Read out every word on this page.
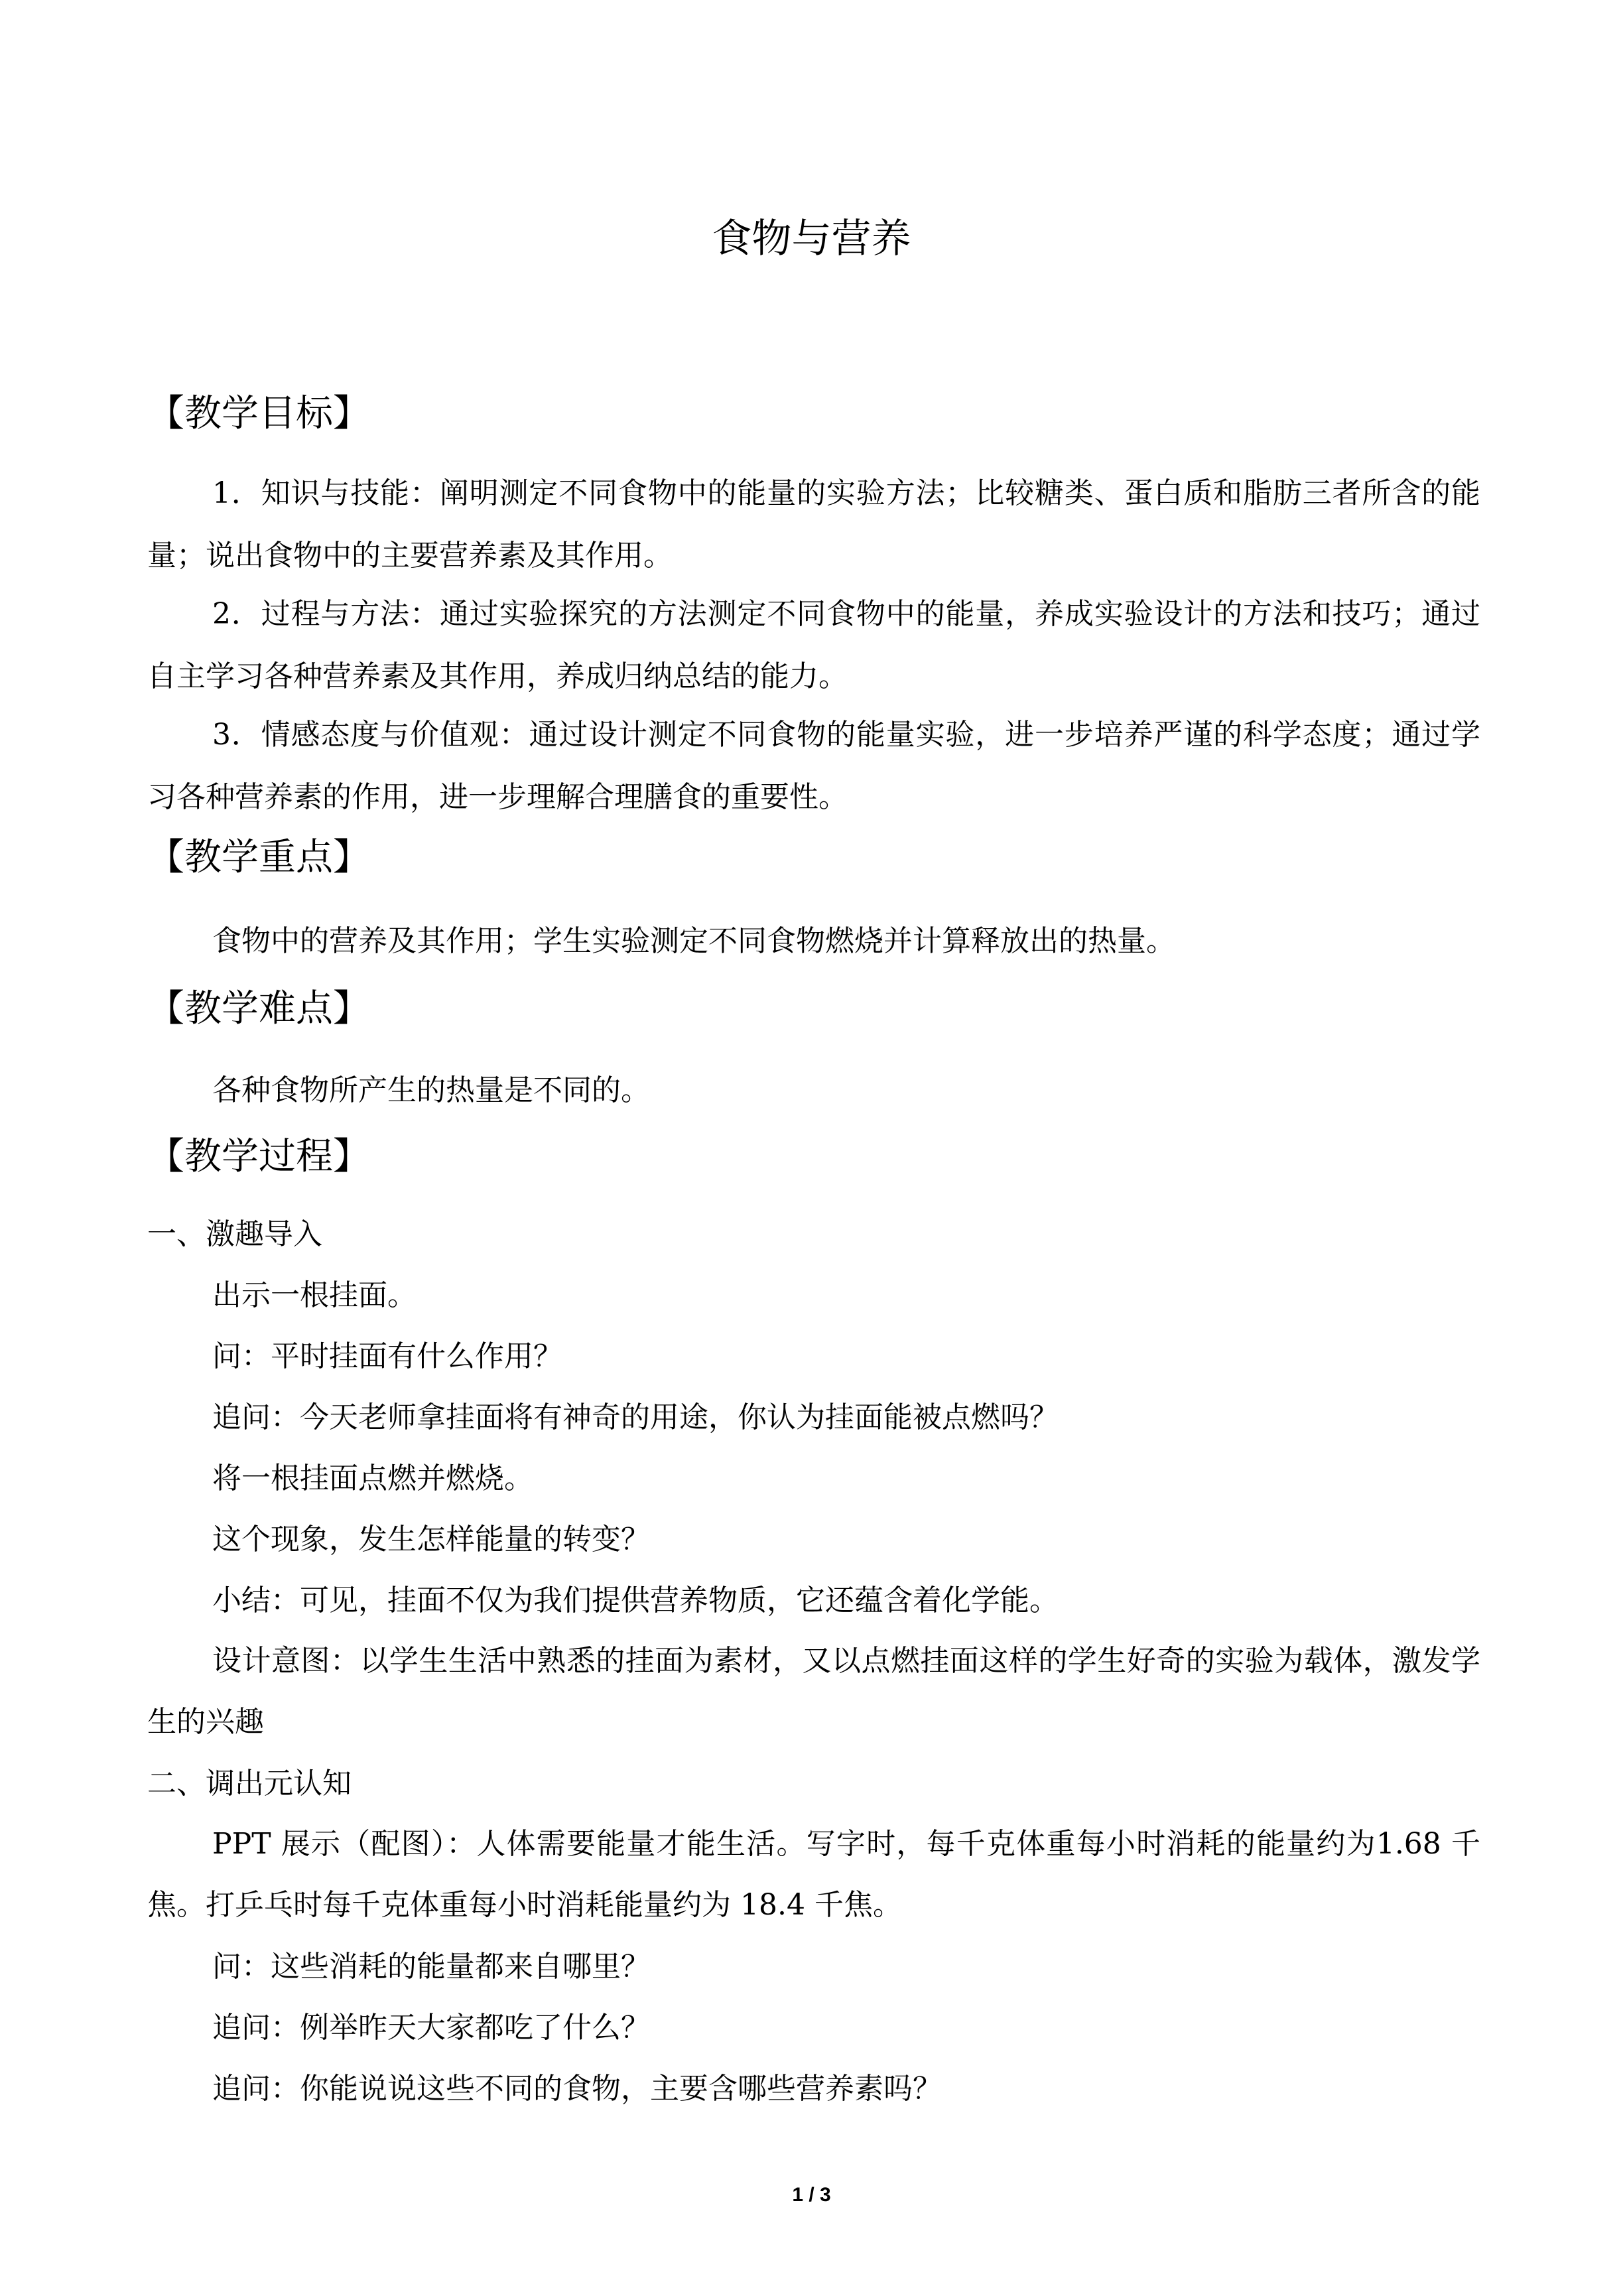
食物与营养
【教学目标】
1．知识与技能：阐明测定不同食物中的能量的实验方法；比较糖类、蛋白质和脂肪三者所含的能量；说出食物中的主要营养素及其作用。
2．过程与方法：通过实验探究的方法测定不同食物中的能量，养成实验设计的方法和技巧；通过自主学习各种营养素及其作用，养成归纳总结的能力。
3．情感态度与价值观：通过设计测定不同食物的能量实验，进一步培养严谨的科学态度；通过学习各种营养素的作用，进一步理解合理膳食的重要性。
【教学重点】
食物中的营养及其作用；学生实验测定不同食物燃烧并计算释放出的热量。
【教学难点】
各种食物所产生的热量是不同的。
【教学过程】
一、激趣导入
出示一根挂面。
问：平时挂面有什么作用？
追问：今天老师拿挂面将有神奇的用途，你认为挂面能被点燃吗？
将一根挂面点燃并燃烧。
这个现象，发生怎样能量的转变？
小结：可见，挂面不仅为我们提供营养物质，它还蕴含着化学能。
设计意图：以学生生活中熟悉的挂面为素材，又以点燃挂面这样的学生好奇的实验为载体，激发学生的兴趣
二、调出元认知
PPT 展示（配图）：人体需要能量才能生活。写字时，每千克体重每小时消耗的能量约为1.68 千焦。打乒乓时每千克体重每小时消耗能量约为 18.4 千焦。
问：这些消耗的能量都来自哪里？
追问：例举昨天大家都吃了什么？
追问：你能说说这些不同的食物，主要含哪些营养素吗？
1 / 3
